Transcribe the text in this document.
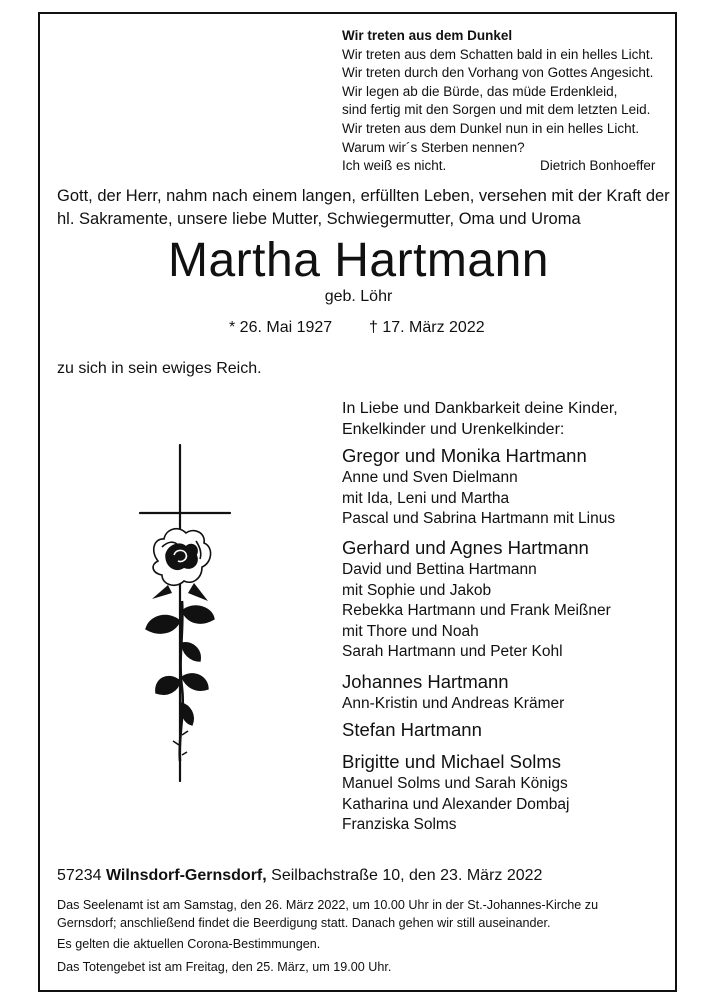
Wir treten aus dem Dunkel
Wir treten aus dem Schatten bald in ein helles Licht.
Wir treten durch den Vorhang von Gottes Angesicht.
Wir legen ab die Bürde, das müde Erdenkleid,
sind fertig mit den Sorgen und mit dem letzten Leid.
Wir treten aus dem Dunkel nun in ein helles Licht.
Warum wir´s Sterben nennen?
Ich weiß es nicht.	Dietrich Bonhoeffer
Gott, der Herr, nahm nach einem langen, erfüllten Leben, versehen mit der Kraft der
hl. Sakramente, unsere liebe Mutter, Schwiegermutter, Oma und Uroma
Martha Hartmann
geb. Löhr
* 26. Mai 1927 † 17. März 2022
zu sich in sein ewiges Reich.
In Liebe und Dankbarkeit deine Kinder,
Enkelkinder und Urenkelkinder:
Gregor und Monika Hartmann
Anne und Sven Dielmann
mit Ida, Leni und Martha
Pascal und Sabrina Hartmann mit Linus
Gerhard und Agnes Hartmann
David und Bettina Hartmann
mit Sophie und Jakob
Rebekka Hartmann und Frank Meißner
mit Thore und Noah
Sarah Hartmann und Peter Kohl
Johannes Hartmann
Ann-Kristin und Andreas Krämer
Stefan Hartmann
Brigitte und Michael Solms
Manuel Solms und Sarah Königs
Katharina und Alexander Dombaj
Franziska Solms
57234 Wilnsdorf-Gernsdorf, Seilbachstraße 10, den 23. März 2022
Das Seelenamt ist am Samstag, den 26. März 2022, um 10.00 Uhr in der St.-Johannes-Kirche zu
Gernsdorf; anschließend findet die Beerdigung statt. Danach gehen wir still auseinander.
Es gelten die aktuellen Corona-Bestimmungen.
Das Totengebet ist am Freitag, den 25. März, um 19.00 Uhr.
